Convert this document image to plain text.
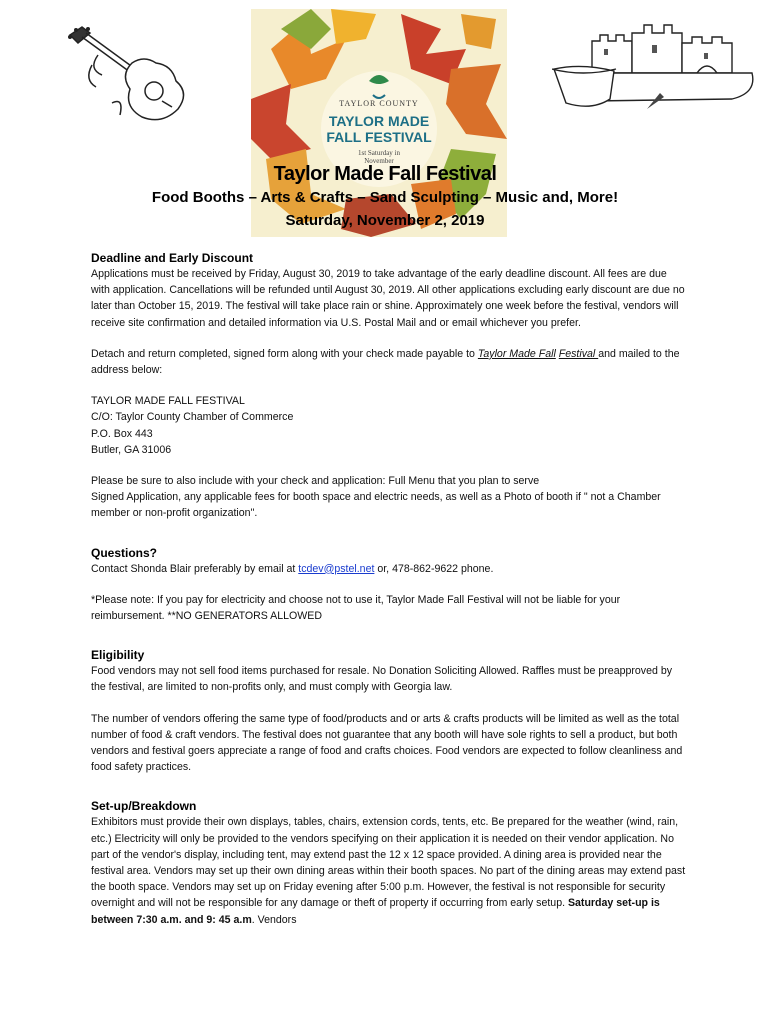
TAYLOR COUNTY
TAYLOR MADE
FALL FESTIVAL
1st Saturday in
November
Taylor Made Fall Festival
Food Booths – Arts & Crafts – Sand Sculpting – Music and, More!
Saturday, November 2, 2019
Deadline and Early Discount

Applications must be received by Friday, August 30, 2019 to take advantage of the early deadline discount. All fees are due with application. Cancellations will be refunded until August 30, 2019. All other applications excluding early discount are due no later than October 15, 2019. The festival will take place rain or shine. Approximately one week before the festival, vendors will receive site confirmation and detailed information via U.S. Postal Mail and or email whichever you prefer.

Detach and return completed, signed form along with your check made payable to Taylor Made Fall Festival and mailed to the address below:

TAYLOR MADE FALL FESTIVAL
C/O: Taylor County Chamber of Commerce
P.O. Box 443
Butler, GA 31006

Please be sure to also include with your check and application: Full Menu that you plan to serve
Signed Application, any applicable fees for booth space and electric needs, as well as a Photo of booth if " not a Chamber member or non-profit organization".

Questions?

Contact Shonda Blair preferably by email at tcdev@pstel.net or, 478-862-9622 phone.

*Please note: If you pay for electricity and choose not to use it, Taylor Made Fall Festival will not be liable for your reimbursement. **NO GENERATORS ALLOWED

Eligibility

Food vendors may not sell food items purchased for resale. No Donation Soliciting Allowed. Raffles must be preapproved by the festival, are limited to non-profits only, and must comply with Georgia law.

The number of vendors offering the same type of food/products and or arts & crafts products will be limited as well as the total number of food & craft vendors. The festival does not guarantee that any booth will have sole rights to sell a product, but both vendors and festival goers appreciate a range of food and crafts choices. Food vendors are expected to follow cleanliness and food safety practices.

Set-up/Breakdown

Exhibitors must provide their own displays, tables, chairs, extension cords, tents, etc. Be prepared for the weather (wind, rain, etc.) Electricity will only be provided to the vendors specifying on their application it is needed on their vendor application. No part of the vendor's display, including tent, may extend past the 12 x 12 space provided. A dining area is provided near the festival area. Vendors may set up their own dining areas within their booth spaces. No part of the dining areas may extend past the booth space. Vendors may set up on Friday evening after 5:00 p.m. However, the festival is not responsible for security overnight and will not be responsible for any damage or theft of property if occurring from early setup. Saturday set-up is between 7:30 a.m. and 9: 45 a.m. Vendors
